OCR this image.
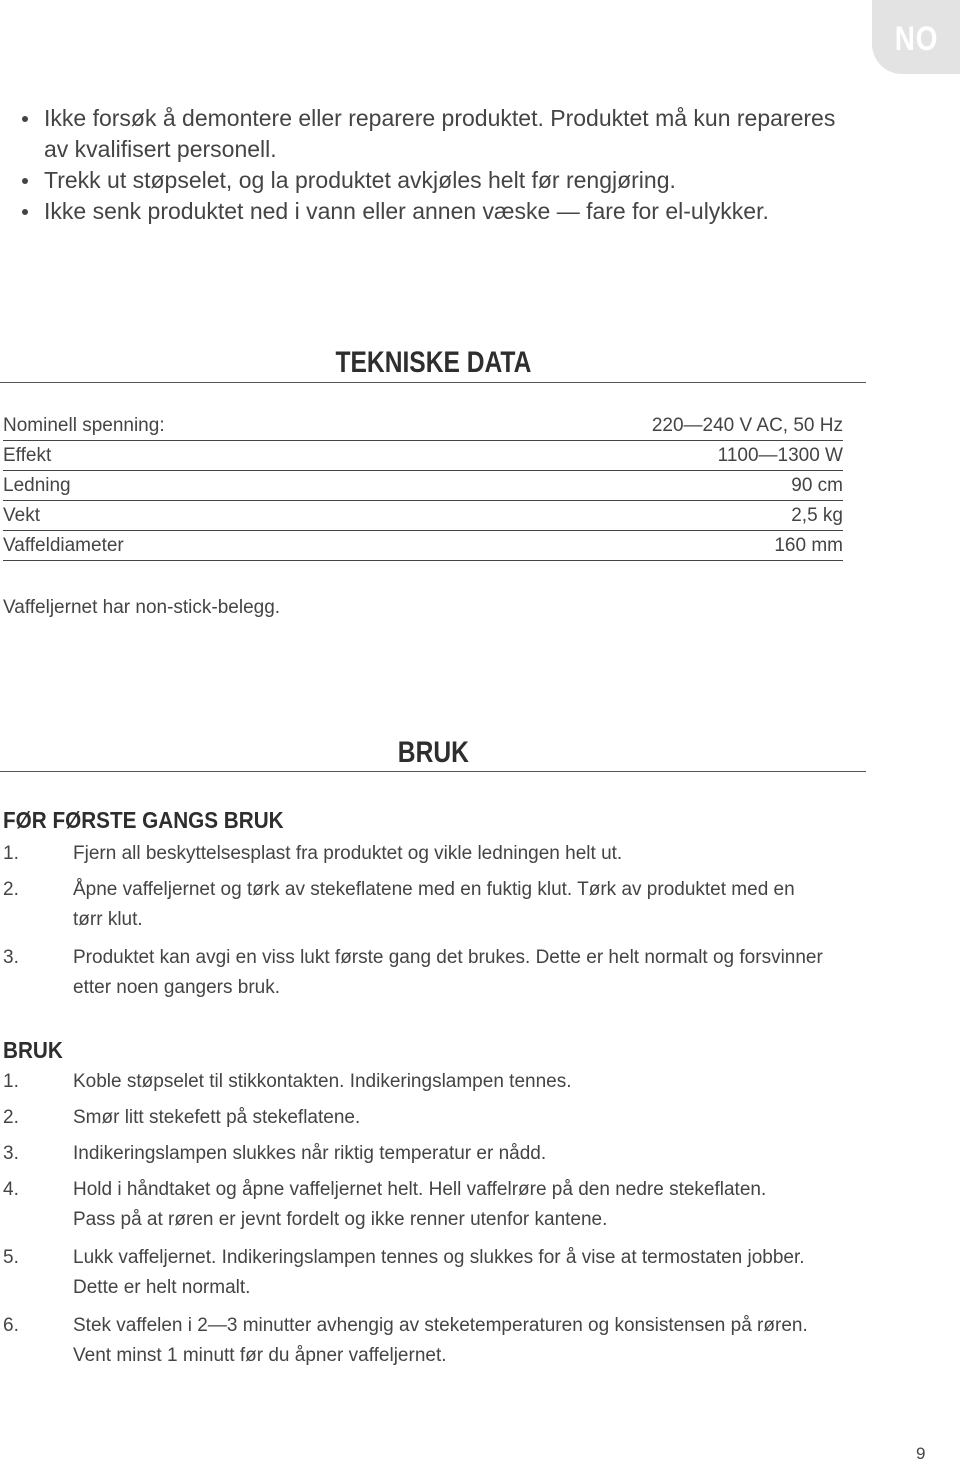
NO
Ikke forsøk å demontere eller reparere produktet. Produktet må kun repareres av kvalifisert personell.
Trekk ut støpselet, og la produktet avkjøles helt før rengjøring.
Ikke senk produktet ned i vann eller annen væske — fare for el-ulykker.
TEKNISKE DATA
Nominell spenning:	220—240 V AC, 50 Hz
Effekt	1100—1300 W
Ledning	90 cm
Vekt	2,5 kg
Vaffeldiameter	160 mm
Vaffeljernet har non-stick-belegg.
BRUK
FØR FØRSTE GANGS BRUK
1.	Fjern all beskyttelsesplast fra produktet og vikle ledningen helt ut.
2.	Åpne vaffeljernet og tørk av stekeflatene med en fuktig klut. Tørk av produktet med en tørr klut.
3.	Produktet kan avgi en viss lukt første gang det brukes. Dette er helt normalt og forsvinner etter noen gangers bruk.
BRUK
1.	Koble støpselet til stikkontakten. Indikeringslampen tennes.
2.	Smør litt stekefett på stekeflatene.
3.	Indikeringslampen slukkes når riktig temperatur er nådd.
4.	Hold i håndtaket og åpne vaffeljernet helt. Hell vaffelrøre på den nedre stekeflaten. Pass på at røren er jevnt fordelt og ikke renner utenfor kantene.
5.	Lukk vaffeljernet. Indikeringslampen tennes og slukkes for å vise at termostaten jobber. Dette er helt normalt.
6.	Stek vaffelen i 2—3 minutter avhengig av steketemperaturen og konsistensen på røren. Vent minst 1 minutt før du åpner vaffeljernet.
9
